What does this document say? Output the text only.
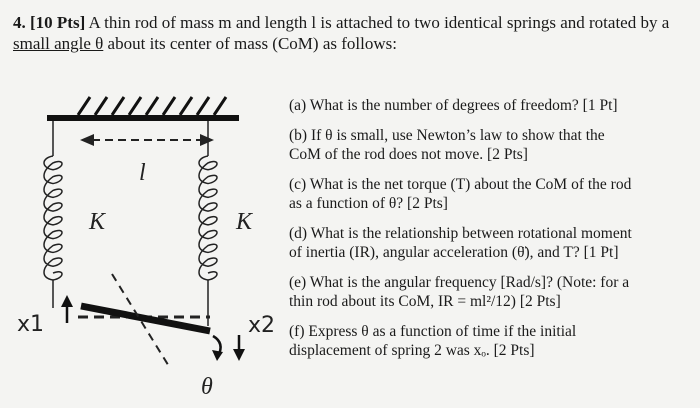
4. [10 Pts] A thin rod of mass m and length l is attached to two identical springs and rotated by a
small angle θ about its center of mass (CoM) as follows:
l
K	K
x1	x2
θ
(a) What is the number of degrees of freedom? [1 Pt]
(b) If θ is small, use Newton’s law to show that the
CoM of the rod does not move. [2 Pts]
(c) What is the net torque (T) about the CoM of the rod
as a function of θ? [2 Pts]
(d) What is the relationship between rotational moment
of inertia (IR), angular acceleration (θ̈), and T? [1 Pt]
(e) What is the angular frequency [Rad/s]? (Note: for a
thin rod about its CoM, IR = ml²/12) [2 Pts]
(f) Express θ as a function of time if the initial
displacement of spring 2 was xₒ. [2 Pts]
